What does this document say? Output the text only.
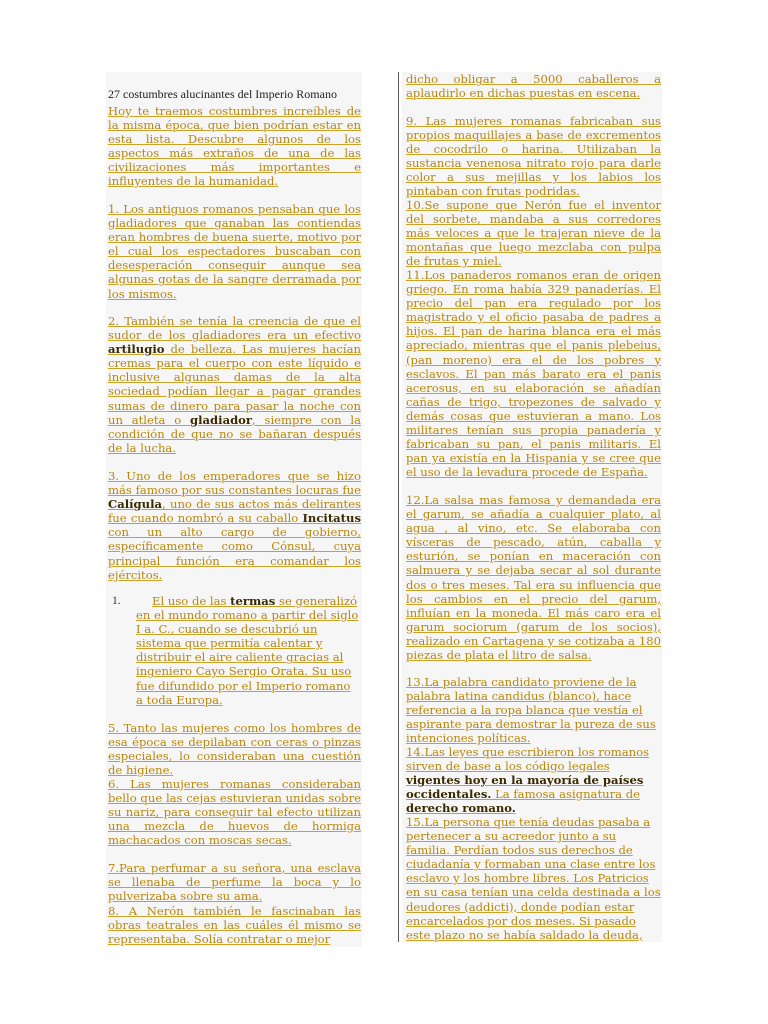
27 costumbres alucinantes del Imperio Romano

Hoy te traemos costumbres increíbles de la misma época, que bien podrían estar en esta lista. Descubre algunos de los aspectos más extraños de una de las civilizaciones más importantes e influyentes de la humanidad.

1. Los antiguos romanos pensaban que los gladiadores que ganaban las contiendas eran hombres de buena suerte, motivo por el cual los espectadores buscaban con desesperación conseguir aunque sea algunas gotas de la sangre derramada por los mismos.

2. También se tenía la creencia de que el sudor de los gladiadores era un efectivo artilugio de belleza. Las mujeres hacían cremas para el cuerpo con este líquido e inclusive algunas damas de la alta sociedad podían llegar a pagar grandes sumas de dinero para pasar la noche con un atleta o gladiador, siempre con la condición de que no se bañaran después de la lucha.

3. Uno de los emperadores que se hizo más famoso por sus constantes locuras fue Calígula, uno de sus actos más delirantes fue cuando nombró a su caballo Incitatus con un alto cargo de gobierno, específicamente como Cónsul, cuya principal función era comandar los ejércitos.

1.	El uso de las termas se generalizó en el mundo romano a partir del siglo I a. C., cuando se descubrió un sistema que permitía calentar y distribuir el aire caliente gracias al ingeniero Cayo Sergio Orata. Su uso fue difundido por el Imperio romano a toda Europa.

5. Tanto las mujeres como los hombres de esa época se depilaban con ceras o pinzas especiales, lo consideraban una cuestión de higiene.

6. Las mujeres romanas consideraban bello que las cejas estuvieran unidas sobre su nariz, para conseguir tal efecto utilizan una mezcla de huevos de hormiga machacados con moscas secas.

7.Para perfumar a su señora, una esclava se llenaba de perfume la boca y lo pulverizaba sobre su ama.

8. A Nerón también le fascinaban las obras teatrales en las cuáles él mismo se representaba. Solía contratar o mejor

dicho obligar a 5000 caballeros a aplaudirlo en dichas puestas en escena.

9. Las mujeres romanas fabricaban sus propios maquillajes a base de excrementos de cocodrilo o harina. Utilizaban la sustancia venenosa nitrato rojo para darle color a sus mejillas y los labios los pintaban con frutas podridas.

10.Se supone que Nerón fue el inventor del sorbete, mandaba a sus corredores más veloces a que le trajeran nieve de la montañas que luego mezclaba con pulpa de frutas y miel.

11.Los panaderos romanos eran de origen griego. En roma había 329 panaderías. El precio del pan era regulado por los magistrado y el oficio pasaba de padres a hijos. El pan de harina blanca era el más apreciado, mientras que el panis plebeius, (pan moreno) era el de los pobres y esclavos. El pan más barato era el panis acerosus, en su elaboración se añadían cañas de trigo, tropezones de salvado y demás cosas que estuvieran a mano. Los militares tenían sus propia panadería y fabricaban su pan, el panis militaris. El pan ya existía en la Hispania y se cree que el uso de la levadura procede de España.

12.La salsa mas famosa y demandada era el garum, se añadía a cualquier plato, al agua , al vino, etc. Se elaboraba con vísceras de pescado, atún, caballa y esturión, se ponían en maceración con salmuera y se dejaba secar al sol durante dos o tres meses. Tal era su influencia que los cambios en el precio del garum, influían en la moneda. El más caro era el garum sociorum (garum de los socios), realizado en Cartagena y se cotizaba a 180 piezas de plata el litro de salsa.

13.La palabra candidato proviene de la palabra latina candidus (blanco), hace referencia a la ropa blanca que vestía el aspirante para demostrar la pureza de sus intenciones políticas.

14.Las leyes que escribieron los romanos sirven de base a los código legales vigentes hoy en la mayoría de países occidentales. La famosa asignatura de derecho romano.

15.La persona que tenía deudas pasaba a pertenecer a su acreedor junto a su familia. Perdían todos sus derechos de ciudadanía y formaban una clase entre los esclavo y los hombre libres. Los Patricios en su casa tenían una celda destinada a los deudores (addicti), donde podían estar encarcelados por dos meses. Si pasado este plazo no se había saldado la deuda,
